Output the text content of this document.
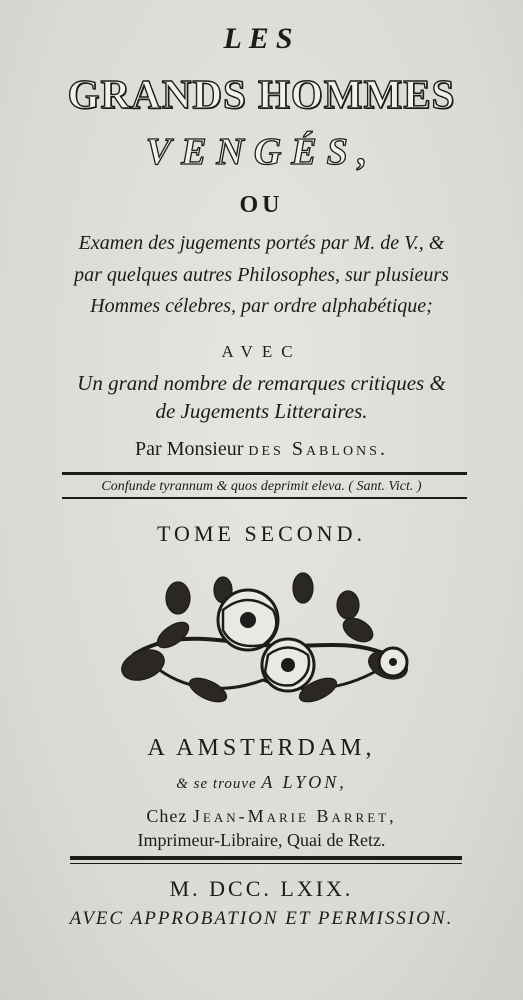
LES
GRANDS HOMMES
VENGÉS,
OU
Examen des jugements portés par M. de V., &
par quelques autres Philosophes, sur plusieurs
Hommes célebres, par ordre alphabétique;
AVEC
Un grand nombre de remarques critiques &
de Jugements Litteraires.
Par Monsieur des Sablons.
Confunde tyrannum & quos deprimit eleva. ( Sant. Vict. )
TOME SECOND.
A AMSTERDAM,
& se trouve A LYON,
Chez Jean-Marie Barret,
Imprimeur-Libraire, Quai de Retz.
M. DCC. LXIX.
AVEC APPROBATION ET PERMISSION.
